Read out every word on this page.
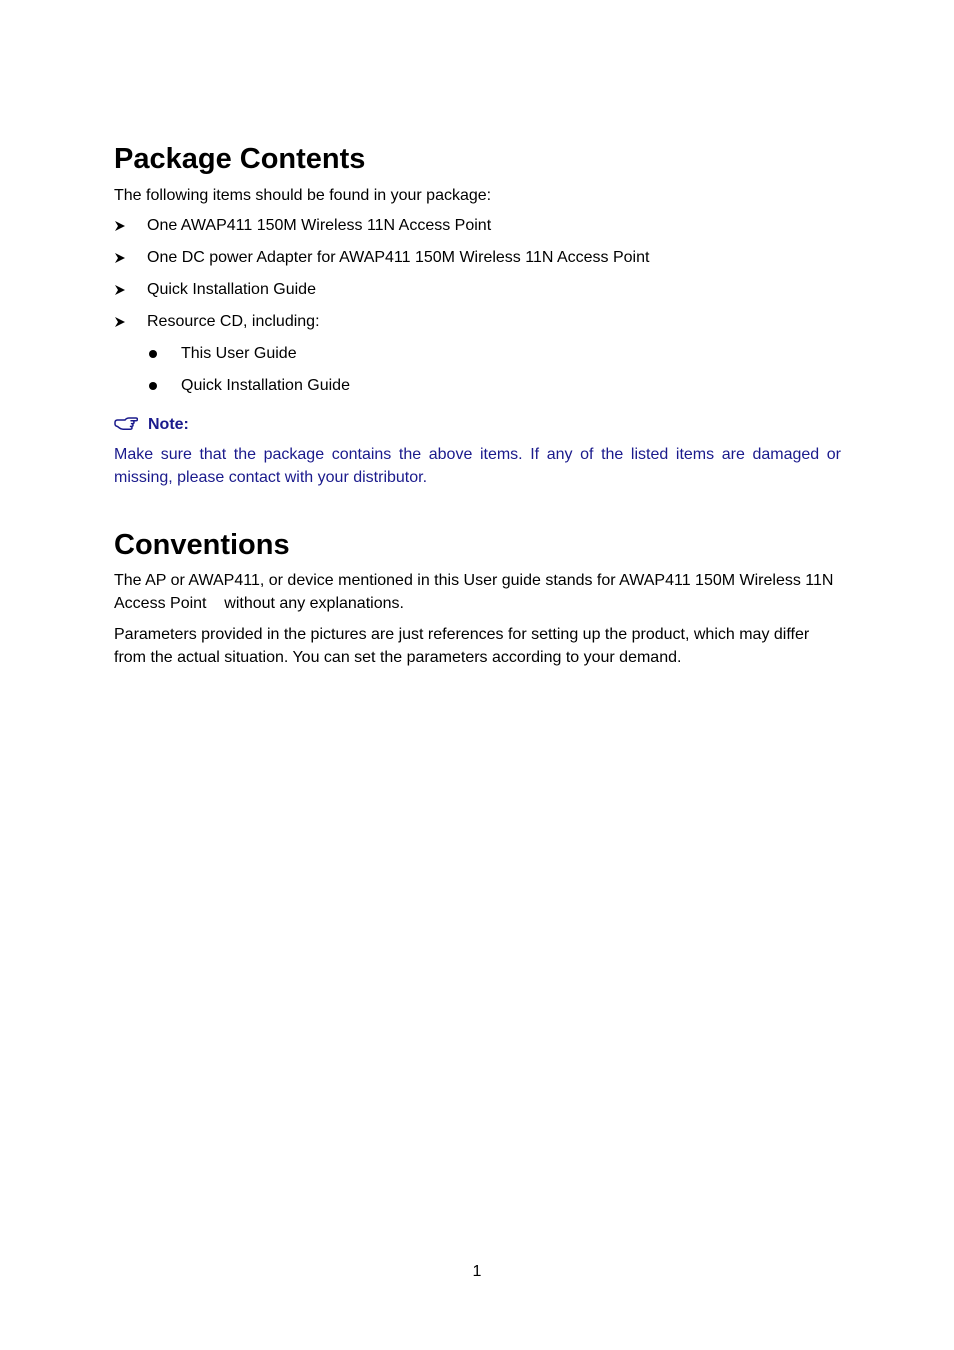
Package Contents

The following items should be found in your package:

One AWAP411 150M Wireless 11N Access Point
One DC power Adapter for AWAP411 150M Wireless 11N Access Point
Quick Installation Guide
Resource CD, including:
This User Guide
Quick Installation Guide
Note:

Make sure that the package contains the above items. If any of the listed items are damaged or missing, please contact with your distributor.

Conventions

The AP or AWAP411, or device mentioned in this User guide stands for AWAP411 150M Wireless 11N Access Point    without any explanations.

Parameters provided in the pictures are just references for setting up the product, which may differ from the actual situation. You can set the parameters according to your demand.

1
